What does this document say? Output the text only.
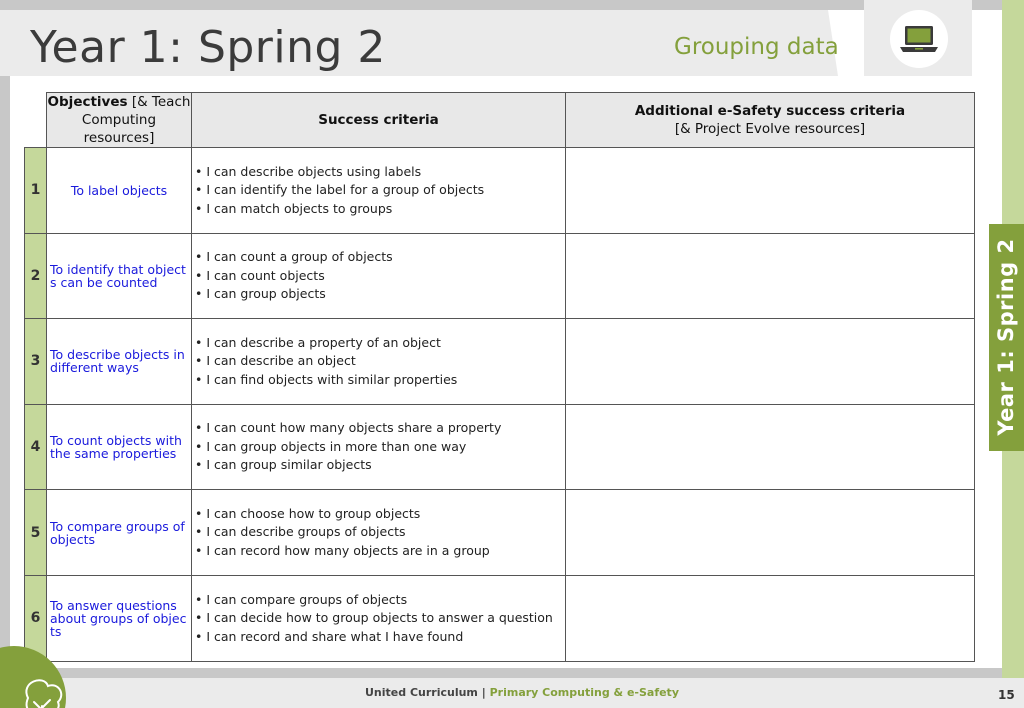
Year 1: Spring 2	Grouping data
Year 1: Spring 2
	Objectives [& Teach Computing resources]	Success criteria	Additional e-Safety success criteria
[& Project Evolve resources]
1	To label objects	• I can describe objects using labels
• I can identify the label for a group of objects
• I can match objects to groups	

2	To identify that objects can be counted	• I can count a group of objects
• I can count objects
• I can group objects	

3	To describe objects in different ways	• I can describe a property of an object
• I can describe an object
• I can find objects with similar properties	

4	To count objects with the same properties	• I can count how many objects share a property
• I can group objects in more than one way
• I can group similar objects	

5	To compare groups of objects	• I can choose how to group objects
• I can describe groups of objects
• I can record how many objects are in a group	

6	To answer questions about groups of objects	• I can compare groups of objects
• I can decide how to group objects to answer a question
• I can record and share what I have found	

United Curriculum | Primary Computing & e-Safety	15
